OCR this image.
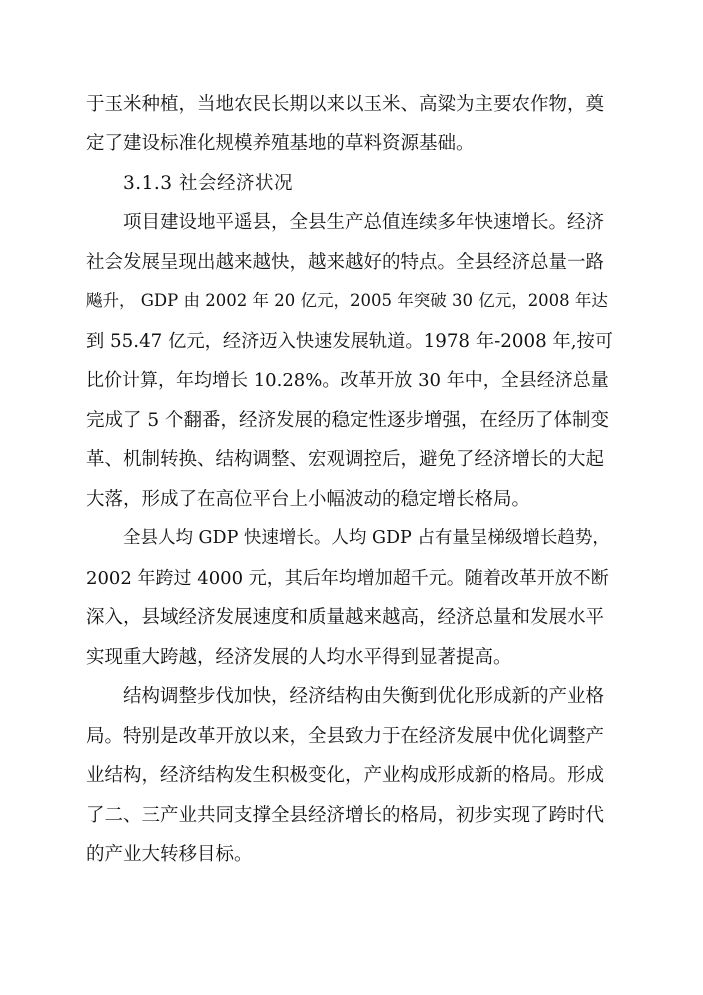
于玉米种植，当地农民长期以来以玉米、高粱为主要农作物，奠
定了建设标准化规模养殖基地的草料资源基础。
3.1.3 社会经济状况
项目建设地平遥县，全县生产总值连续多年快速增长。经济
社会发展呈现出越来越快，越来越好的特点。全县经济总量一路
飚升， GDP 由 2002 年 20 亿元，2005 年突破 30 亿元，2008 年达
到 55.47 亿元，经济迈入快速发展轨道。1978 年-2008 年,按可
比价计算，年均增长 10.28%。改革开放 30 年中，全县经济总量
完成了 5 个翻番，经济发展的稳定性逐步增强，在经历了体制变
革、机制转换、结构调整、宏观调控后，避免了经济增长的大起
大落，形成了在高位平台上小幅波动的稳定增长格局。
全县人均 GDP 快速增长。人均 GDP 占有量呈梯级增长趋势，
2002 年跨过 4000 元，其后年均增加超千元。随着改革开放不断
深入，县域经济发展速度和质量越来越高，经济总量和发展水平
实现重大跨越，经济发展的人均水平得到显著提高。
结构调整步伐加快，经济结构由失衡到优化形成新的产业格
局。特别是改革开放以来，全县致力于在经济发展中优化调整产
业结构，经济结构发生积极变化，产业构成形成新的格局。形成
了二、三产业共同支撑全县经济增长的格局，初步实现了跨时代
的产业大转移目标。
